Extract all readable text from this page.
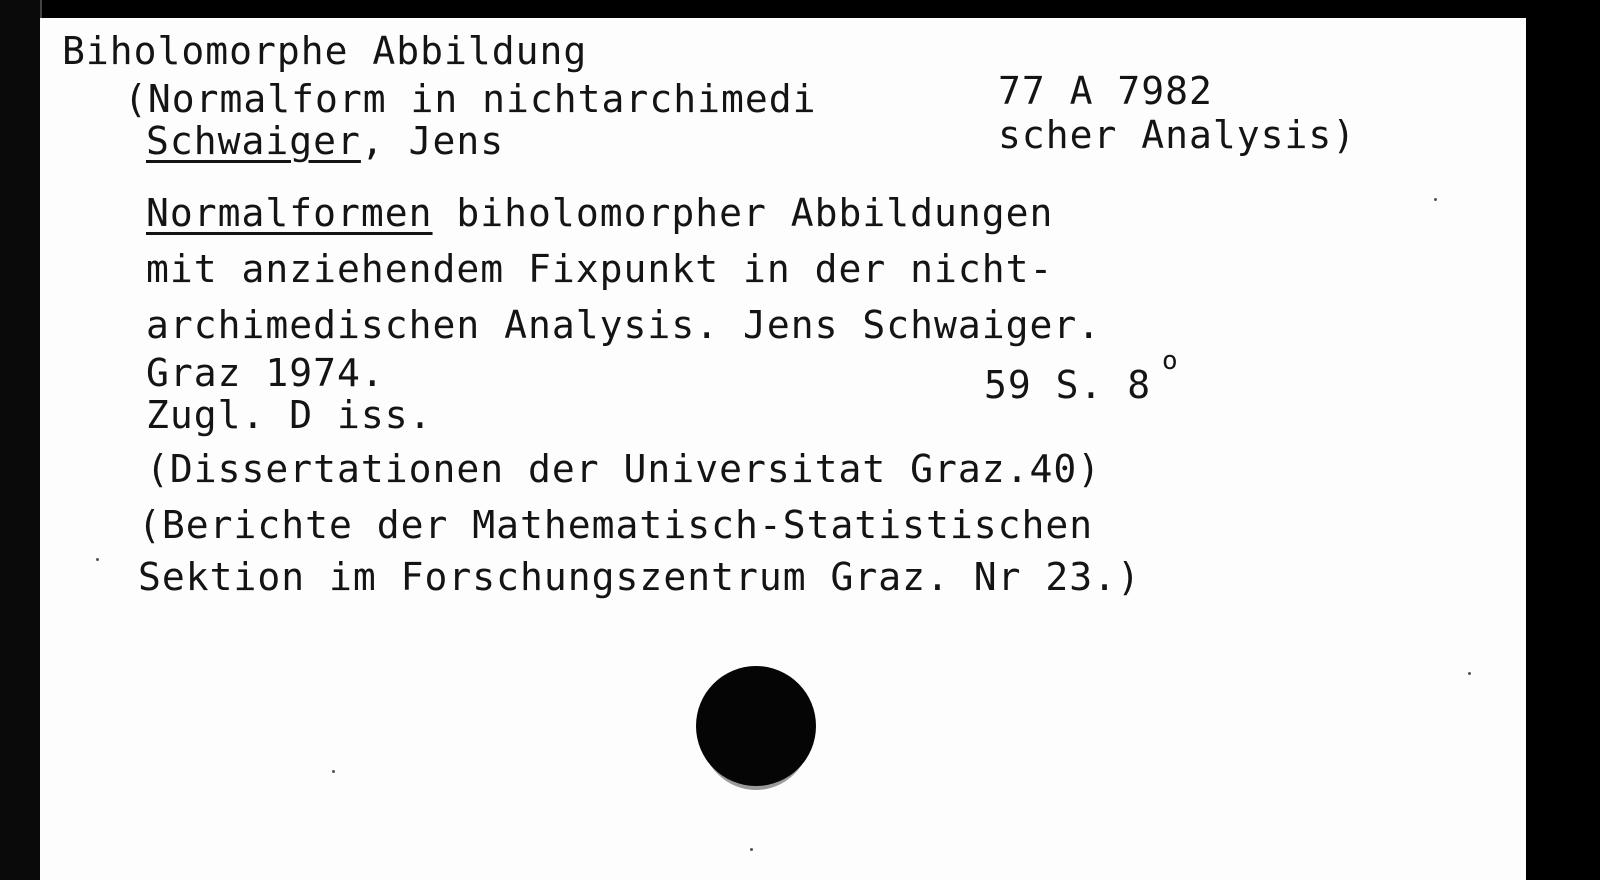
Biholomorphe Abbildung
(Normalform in nichtarchimedi	77 A 7982
scher Analysis)
Schwaiger, Jens
Normalformen biholomorpher Abbildungen
mit anziehendem Fixpunkt in der nicht-
archimedischen Analysis. Jens Schwaiger.
Graz 1974.	59 S. 8
o
Zugl. D iss.
(Dissertationen der Universitat Graz.40)
(Berichte der Mathematisch-Statistischen
Sektion im Forschungszentrum Graz. Nr 23.)
